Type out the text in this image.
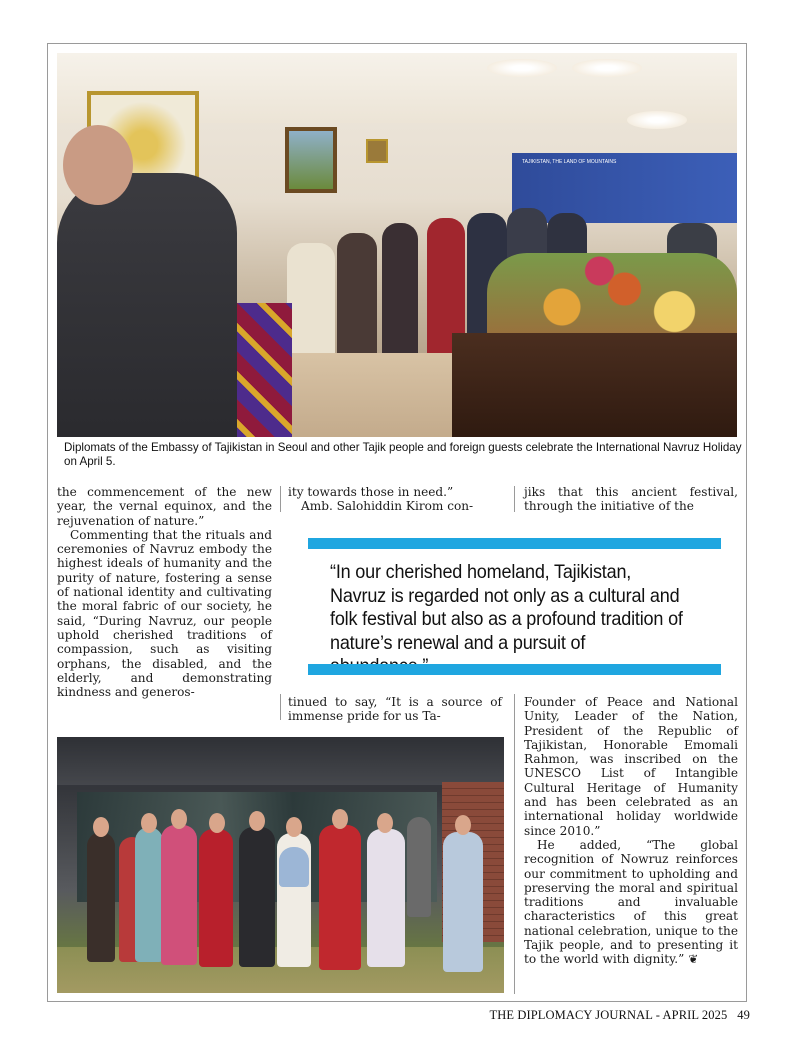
TAJIKISTAN, THE LAND OF MOUNTAINS
Diplomats of the Embassy of Tajikistan in Seoul and other Tajik people and foreign guests celebrate the International Navruz Holiday on April 5.

the commencement of the new year, the vernal equinox, and the rejuvenation of nature.”

Commenting that the rituals and ceremonies of Navruz embody the highest ideals of humanity and the purity of nature, fostering a sense of national identity and cultivating the moral fabric of our society, he said, “During Navruz, our people uphold cherished traditions of compassion, such as visiting orphans, the disabled, and the elderly, and demonstrating kindness and generos-

ity towards those in need.”

Amb. Salohiddin Kirom con-

jiks that this ancient festival, through the initiative of the

“In our cherished homeland, Tajikistan, Navruz is regarded not only as a cultural and folk festival but also as a profound tradition of nature’s renewal and a pursuit of

tinued to say, “It is a source of immense pride for us Ta-

Founder of Peace and National Unity, Leader of the Nation, President of the Republic of Tajikistan, Honorable Emomali Rahmon, was inscribed on the UNESCO List of Intangible Cultural Heritage of Humanity and has been celebrated as an international holiday worldwide since 2010.”

He added, “The global recognition of Nowruz reinforces our commitment to upholding and preserving the moral and spiritual traditions and invaluable characteristics of this great national celebration, unique to the Tajik people, and to presenting it to the world with dignity.” ❦

THE DIPLOMACY JOURNAL - APRIL 2025 49
